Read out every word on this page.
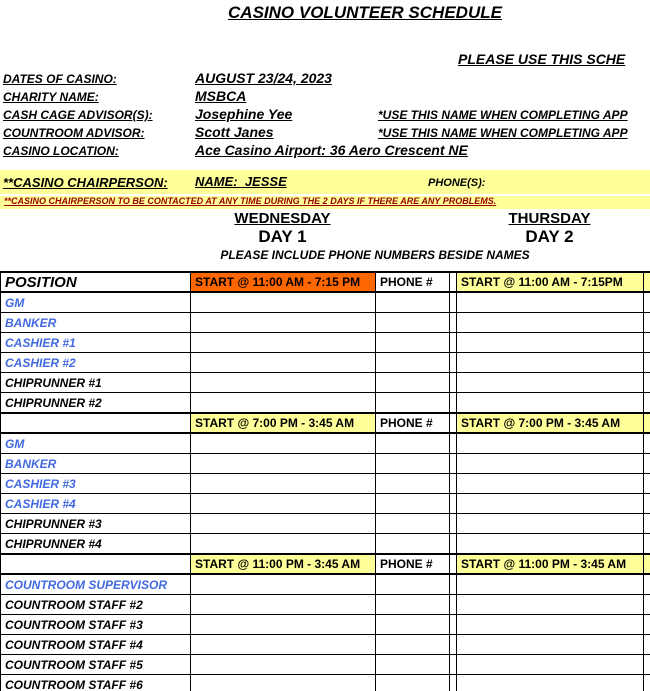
CASINO VOLUNTEER SCHEDULE
PLEASE USE THIS SCHE
DATES OF CASINO:	AUGUST 23/24, 2023
CHARITY NAME:	MSBCA
CASH CAGE ADVISOR(S):	Josephine Yee	*USE THIS NAME WHEN COMPLETING APP
COUNTROOM ADVISOR:	Scott Janes	*USE THIS NAME WHEN COMPLETING APP
CASINO LOCATION:	Ace Casino Airport: 36 Aero Crescent NE
**CASINO CHAIRPERSON: NAME:  JESSE	PHONE(S):
**CASINO CHAIRPERSON TO BE CONTACTED AT ANY TIME DURING THE 2 DAYS IF THERE ARE ANY PROBLEMS.
WEDNESDAY
DAY 1
THURSDAY
DAY 2
PLEASE INCLUDE PHONE NUMBERS BESIDE NAMES
POSITION	START @ 11:00 AM - 7:15 PM	PHONE #		START @ 11:00 AM - 7:15PM	
GM					
BANKER					
CASHIER #1					
CASHIER #2					
CHIPRUNNER #1					
CHIPRUNNER #2					
	START @ 7:00 PM - 3:45 AM	PHONE #		START @ 7:00 PM - 3:45 AM	
GM					
BANKER					
CASHIER #3					
CASHIER #4					
CHIPRUNNER #3					
CHIPRUNNER #4					
	START @ 11:00 PM - 3:45 AM	PHONE #		START @ 11:00 PM - 3:45 AM	
COUNTROOM SUPERVISOR					
COUNTROOM STAFF #2					
COUNTROOM STAFF #3					
COUNTROOM STAFF #4					
COUNTROOM STAFF #5					
COUNTROOM STAFF #6					
